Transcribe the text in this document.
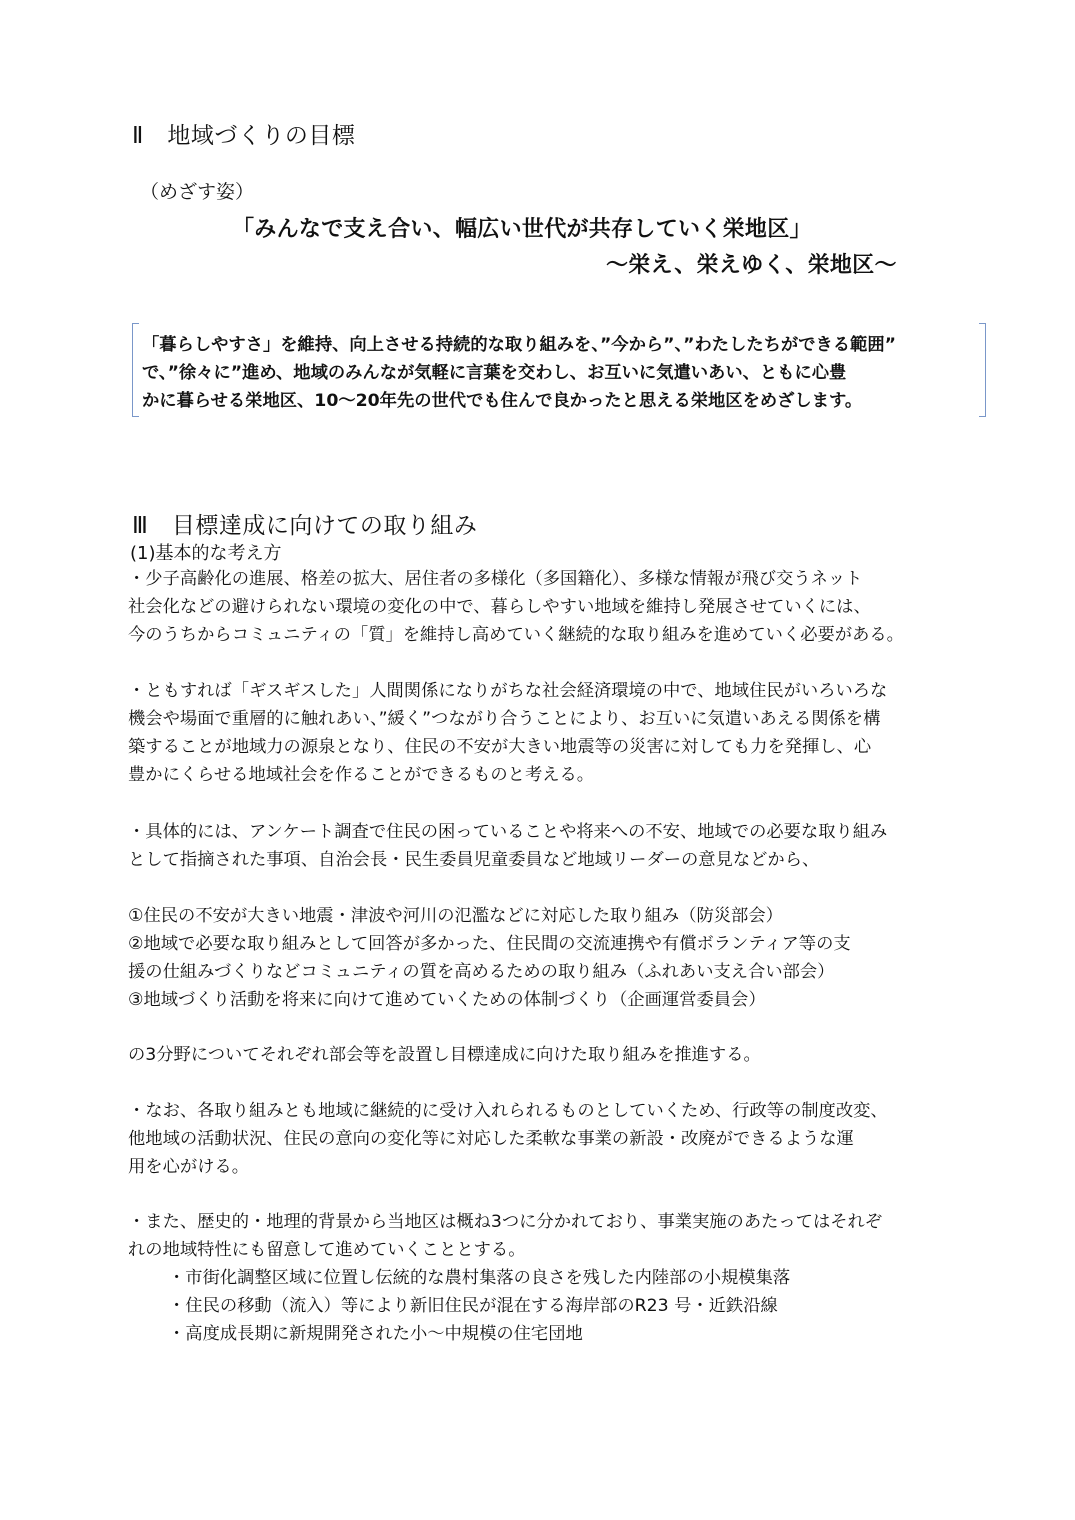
Ⅱ　地域づくりの目標
（めざす姿）
「みんなで支え合い、幅広い世代が共存していく栄地区」
～栄え、栄えゆく、栄地区～
「暮らしやすさ」を維持、向上させる持続的な取り組みを、”今から”、”わたしたちができる範囲”
で、”徐々に”進め、地域のみんなが気軽に言葉を交わし、お互いに気遣いあい、ともに心豊
かに暮らせる栄地区、10～20年先の世代でも住んで良かったと思える栄地区をめざします。
Ⅲ　目標達成に向けての取り組み
(1)基本的な考え方
・少子高齢化の進展、格差の拡大、居住者の多様化（多国籍化）、多様な情報が飛び交うネット
社会化などの避けられない環境の変化の中で、暮らしやすい地域を維持し発展させていくには、
今のうちからコミュニティの「質」を維持し高めていく継続的な取り組みを進めていく必要がある。
・ともすれば「ギスギスした」人間関係になりがちな社会経済環境の中で、地域住民がいろいろな
機会や場面で重層的に触れあい、”緩く”つながり合うことにより、お互いに気遣いあえる関係を構
築することが地域力の源泉となり、住民の不安が大きい地震等の災害に対しても力を発揮し、心
豊かにくらせる地域社会を作ることができるものと考える。
・具体的には、アンケート調査で住民の困っていることや将来への不安、地域での必要な取り組み
として指摘された事項、自治会長・民生委員児童委員など地域リーダーの意見などから、
①住民の不安が大きい地震・津波や河川の氾濫などに対応した取り組み（防災部会）
②地域で必要な取り組みとして回答が多かった、住民間の交流連携や有償ボランティア等の支
援の仕組みづくりなどコミュニティの質を高めるための取り組み（ふれあい支え合い部会）
③地域づくり活動を将来に向けて進めていくための体制づくり（企画運営委員会）
の3分野についてそれぞれ部会等を設置し目標達成に向けた取り組みを推進する。
・なお、各取り組みとも地域に継続的に受け入れられるものとしていくため、行政等の制度改変、
他地域の活動状況、住民の意向の変化等に対応した柔軟な事業の新設・改廃ができるような運
用を心がける。
・また、歴史的・地理的背景から当地区は概ね3つに分かれており、事業実施のあたってはそれぞ
れの地域特性にも留意して進めていくこととする。
・市街化調整区域に位置し伝統的な農村集落の良さを残した内陸部の小規模集落
・住民の移動（流入）等により新旧住民が混在する海岸部のR23 号・近鉄沿線
・高度成長期に新規開発された小～中規模の住宅団地
